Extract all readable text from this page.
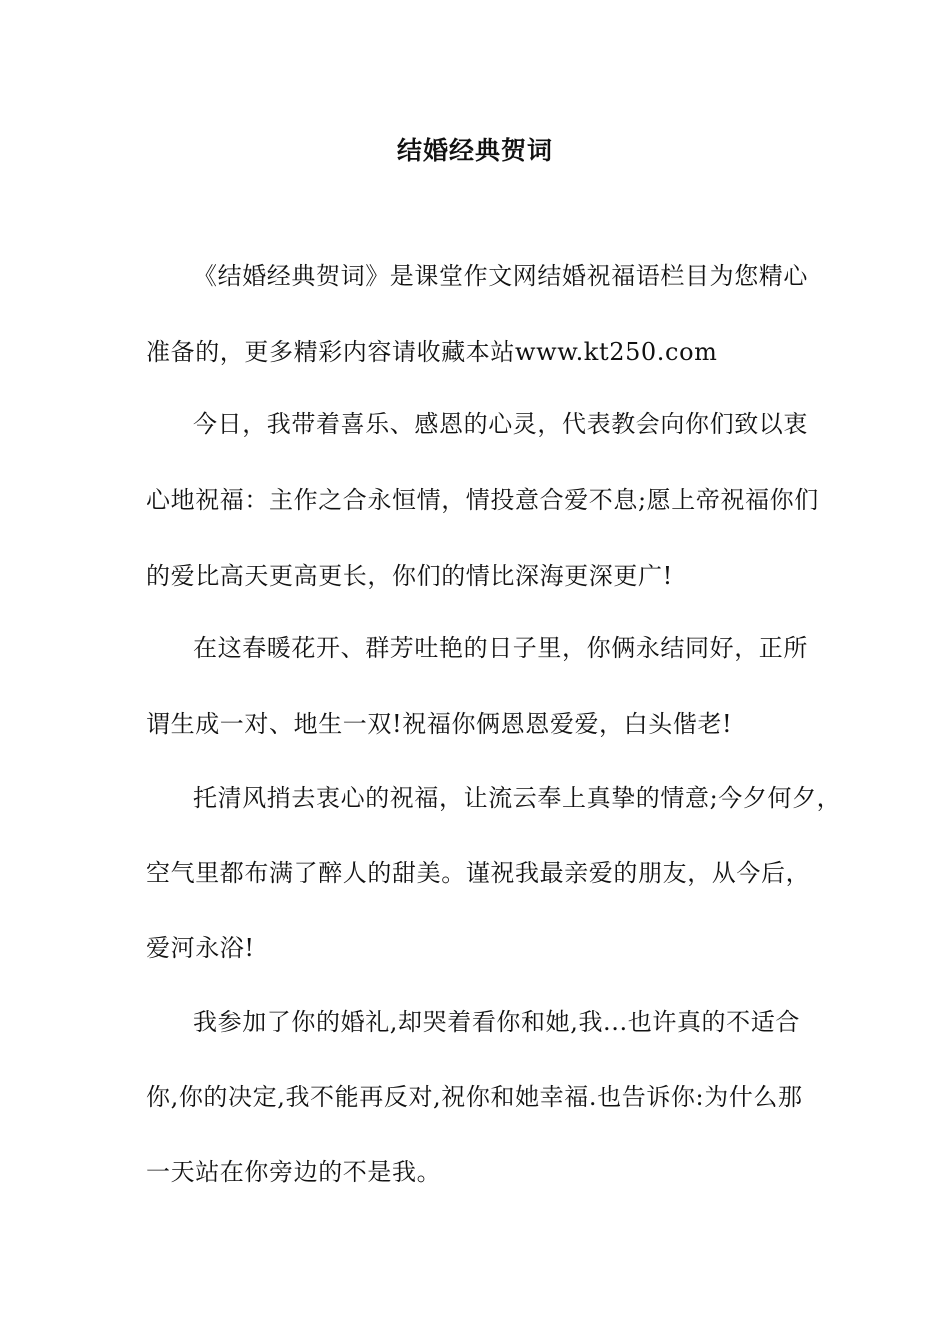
结婚经典贺词
《结婚经典贺词》是课堂作文网结婚祝福语栏目为您精心
准备的，更多精彩内容请收藏本站www.kt250.com
今日，我带着喜乐、感恩的心灵，代表教会向你们致以衷
心地祝福：主作之合永恒情，情投意合爱不息;愿上帝祝福你们
的爱比高天更高更长，你们的情比深海更深更广!
在这春暖花开、群芳吐艳的日子里，你俩永结同好，正所
谓生成一对、地生一双!祝福你俩恩恩爱爱，白头偕老!
托清风捎去衷心的祝福，让流云奉上真挚的情意;今夕何夕，
空气里都布满了醉人的甜美。谨祝我最亲爱的朋友，从今后，
爱河永浴!
我参加了你的婚礼,却哭着看你和她,我...也许真的不适合
你,你的决定,我不能再反对,祝你和她幸福.也告诉你:为什么那
一天站在你旁边的不是我。
